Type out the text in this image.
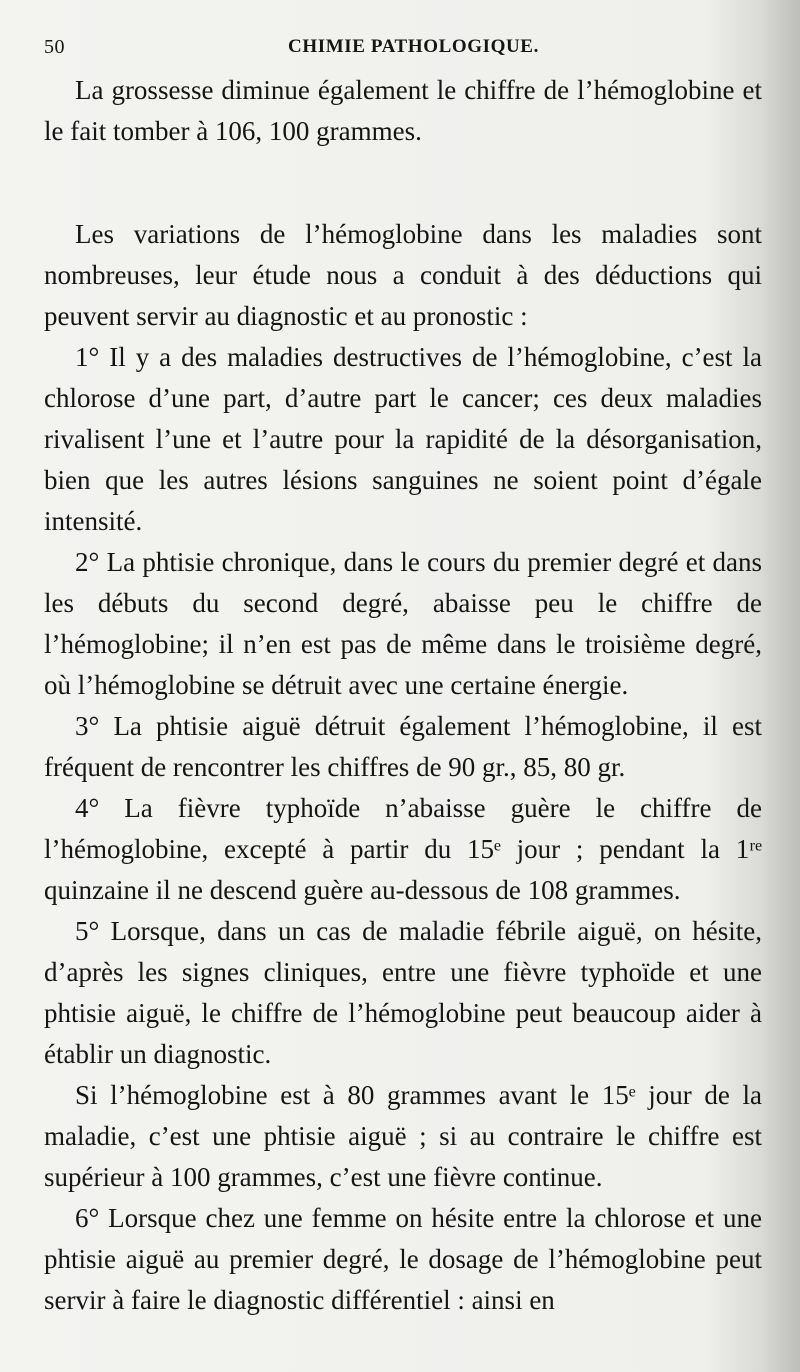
50	CHIMIE PATHOLOGIQUE.

La grossesse diminue également le chiffre de l’hémoglobine et le fait tomber à 106, 100 grammes.

Les variations de l’hémoglobine dans les maladies sont nombreuses, leur étude nous a conduit à des déductions qui peuvent servir au diagnostic et au pronostic :

1° Il y a des maladies destructives de l’hémoglobine, c’est la chlorose d’une part, d’autre part le cancer; ces deux maladies rivalisent l’une et l’autre pour la rapidité de la désorganisation, bien que les autres lésions sanguines ne soient point d’égale intensité.

2° La phtisie chronique, dans le cours du premier degré et dans les débuts du second degré, abaisse peu le chiffre de l’hémoglobine; il n’en est pas de même dans le troisième degré, où l’hémoglobine se détruit avec une certaine énergie.

3° La phtisie aiguë détruit également l’hémoglobine, il est fréquent de rencontrer les chiffres de 90 gr., 85, 80 gr.

4° La fièvre typhoïde n’abaisse guère le chiffre de l’hémoglobine, excepté à partir du 15ᵉ jour ; pendant la 1ʳᵉ quinzaine il ne descend guère au-dessous de 108 grammes.

5° Lorsque, dans un cas de maladie fébrile aiguë, on hésite, d’après les signes cliniques, entre une fièvre typhoïde et une phtisie aiguë, le chiffre de l’hémoglobine peut beaucoup aider à établir un diagnostic.

Si l’hémoglobine est à 80 grammes avant le 15ᵉ jour de la maladie, c’est une phtisie aiguë ; si au contraire le chiffre est supérieur à 100 grammes, c’est une fièvre continue.

6° Lorsque chez une femme on hésite entre la chlorose et une phtisie aiguë au premier degré, le dosage de l’hémoglobine peut servir à faire le diagnostic différentiel : ainsi en
